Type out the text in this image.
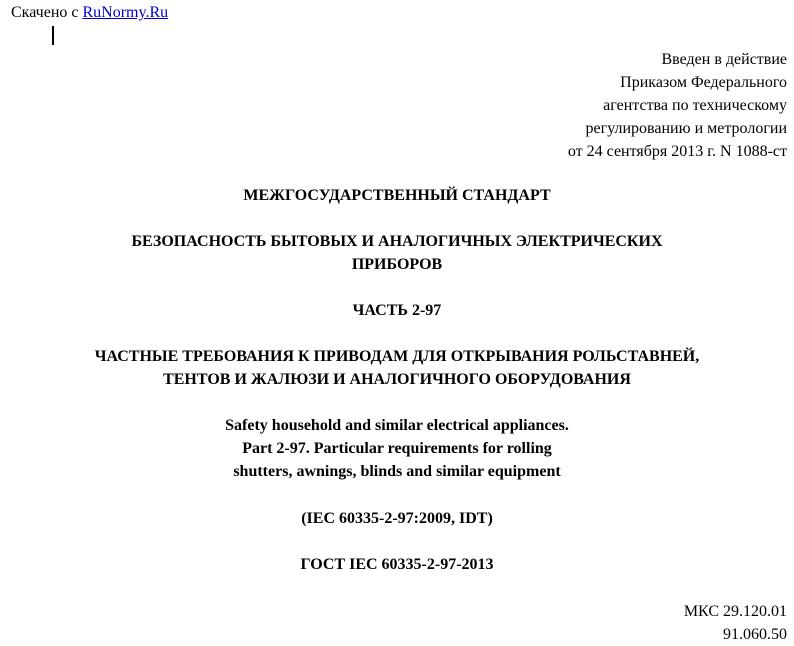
Скачено с RuNormy.Ru
Введен в действие
Приказом Федерального
агентства по техническому
регулированию и метрологии
от 24 сентября 2013 г. N 1088-ст
МЕЖГОСУДАРСТВЕННЫЙ СТАНДАРТ
БЕЗОПАСНОСТЬ БЫТОВЫХ И АНАЛОГИЧНЫХ ЭЛЕКТРИЧЕСКИХ
ПРИБОРОВ
ЧАСТЬ 2-97
ЧАСТНЫЕ ТРЕБОВАНИЯ К ПРИВОДАМ ДЛЯ ОТКРЫВАНИЯ РОЛЬСТАВНЕЙ,
ТЕНТОВ И ЖАЛЮЗИ И АНАЛОГИЧНОГО ОБОРУДОВАНИЯ
Safety household and similar electrical appliances.
Part 2-97. Particular requirements for rolling
shutters, awnings, blinds and similar equipment
(IEC 60335-2-97:2009, IDT)
ГОСТ IEC 60335-2-97-2013
МКС 29.120.01
91.060.50
